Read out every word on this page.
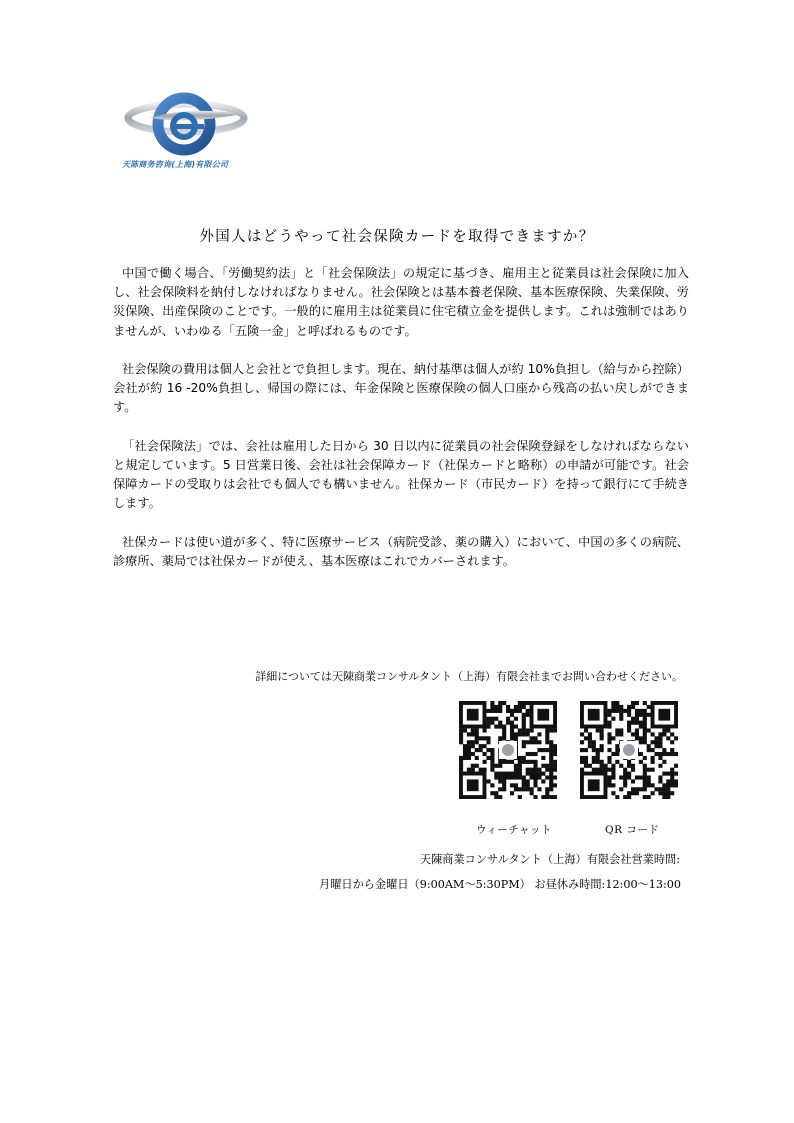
天陈商务咨询(上海)有限公司
外国人はどうやって社会保険カードを取得できますか？

中国で働く場合、「労働契約法」と「社会保険法」の規定に基づき、雇用主と従業員は社会保険に加入し、社会保険料を納付しなければなりません。社会保険とは基本養老保険、基本医療保険、失業保険、労災保険、出産保険のことです。一般的に雇用主は従業員に住宅積立金を提供します。これは強制ではありませんが、いわゆる「五険一金」と呼ばれるものです。

社会保険の費用は個人と会社とで負担します。現在、納付基準は個人が約 10%負担し（給与から控除）会社が約 16 -20%負担し、帰国の際には、年金保険と医療保険の個人口座から残高の払い戻しができます。

「社会保険法」では、会社は雇用した日から 30 日以内に従業員の社会保険登録をしなければならないと規定しています。5 日営業日後、会社は社会保障カード（社保カードと略称）の申請が可能です。社会保障カードの受取りは会社でも個人でも構いません。社保カード（市民カード）を持って銀行にて手続きします。

社保カードは使い道が多く、特に医療サービス（病院受診、薬の購入）において、中国の多くの病院、診療所、薬局では社保カードが使え、基本医療はこれでカバーされます。

詳細については天陳商業コンサルタント（上海）有限会社までお問い合わせください。
ウィーチャット	QR コード
天陳商業コンサルタント（上海）有限会社営業時間:
月曜日から金曜日（9:00AM～5:30PM） お昼休み時間:12:00～13:00
